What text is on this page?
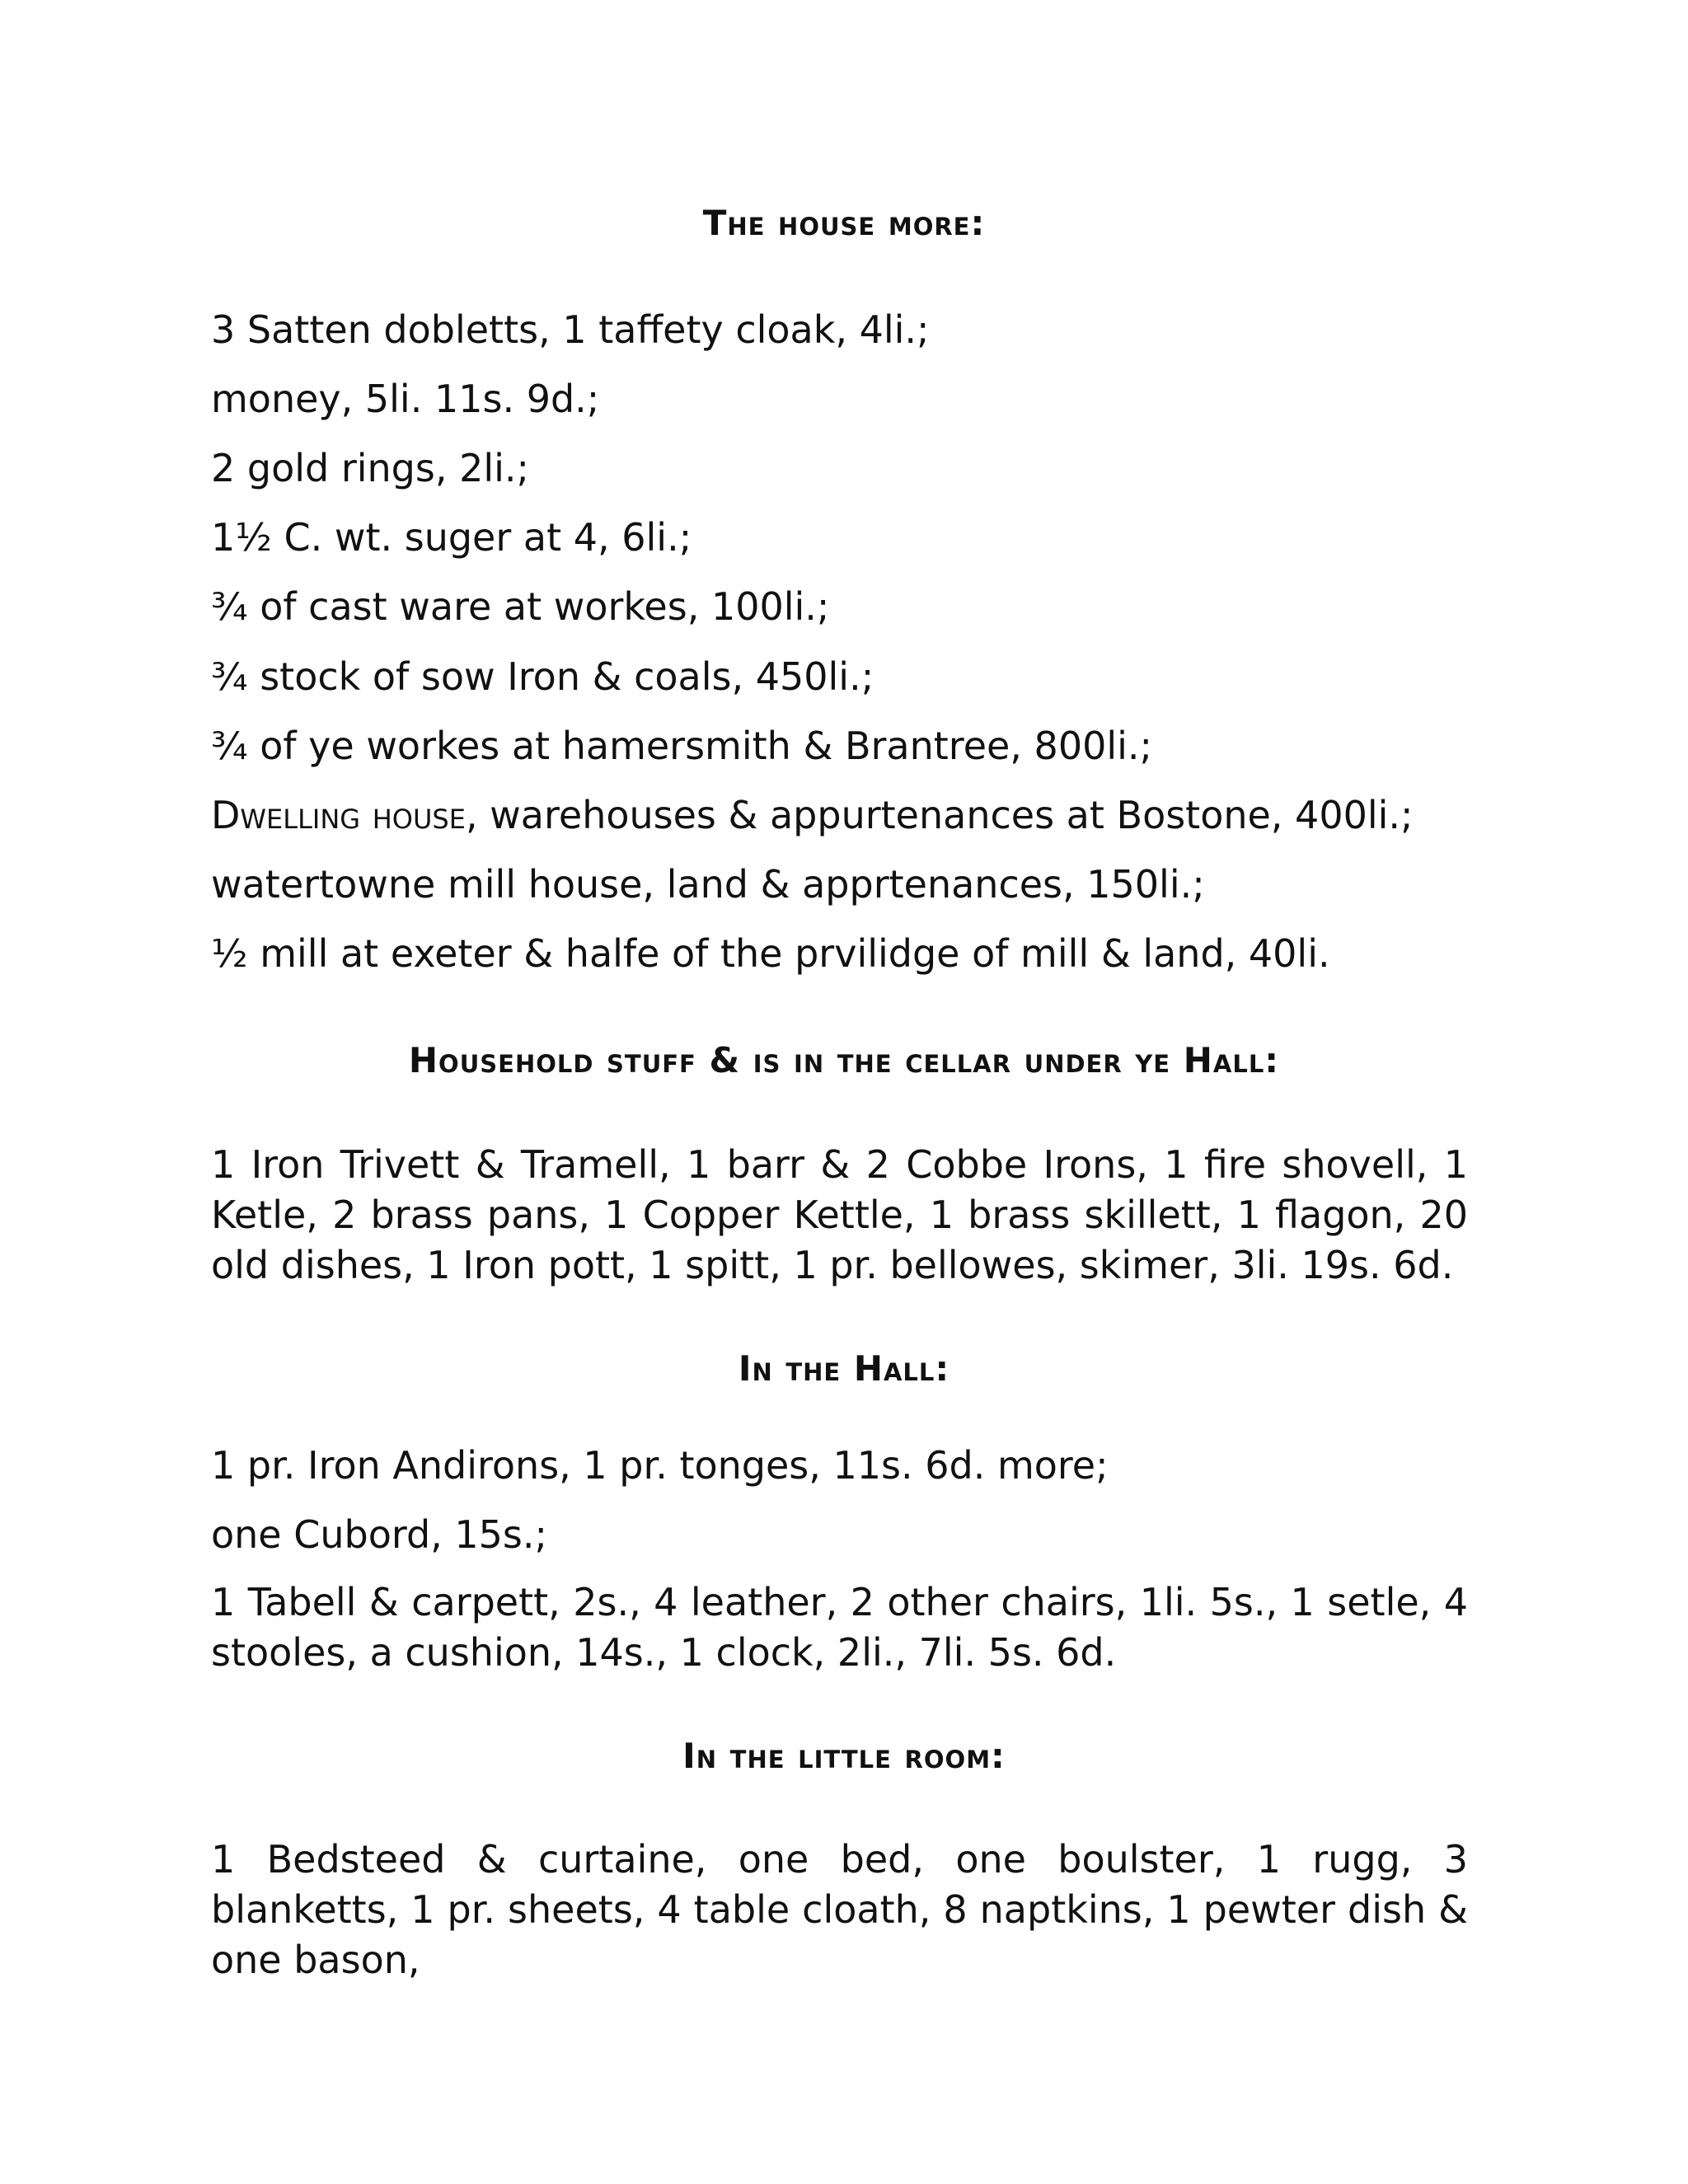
The house more:

3 Satten dobletts, 1 taffety cloak, 4li.;

money, 5li. 11s. 9d.;

2 gold rings, 2li.;

1½ C. wt. suger at 4, 6li.;

¾ of cast ware at workes, 100li.;

¾ stock of sow Iron & coals, 450li.;

¾ of ye workes at hamersmith & Brantree, 800li.;

Dwelling house, warehouses & appurtenances at Bostone, 400li.;

watertowne mill house, land & apprtenances, 150li.;

½ mill at exeter & halfe of the prvilidge of mill & land, 40li.

Household stuff & is in the cellar under ye Hall:

1 Iron Trivett & Tramell, 1 barr & 2 Cobbe Irons, 1 fire shovell, 1 Ketle, 2 brass pans, 1 Copper Kettle, 1 brass skillett, 1 flagon, 20 old dishes, 1 Iron pott, 1 spitt, 1 pr. bellowes, skimer, 3li. 19s. 6d.

In the Hall:

1 pr. Iron Andirons, 1 pr. tonges, 11s. 6d. more;

one Cubord, 15s.;

1 Tabell & carpett, 2s., 4 leather, 2 other chairs, 1li. 5s., 1 setle, 4 stooles, a cushion, 14s., 1 clock, 2li., 7li. 5s. 6d.

In the little room:

1 Bedsteed & curtaine, one bed, one boulster, 1 rugg, 3 blanketts, 1 pr. sheets, 4 table cloath, 8 naptkins, 1 pewter dish & one bason,
